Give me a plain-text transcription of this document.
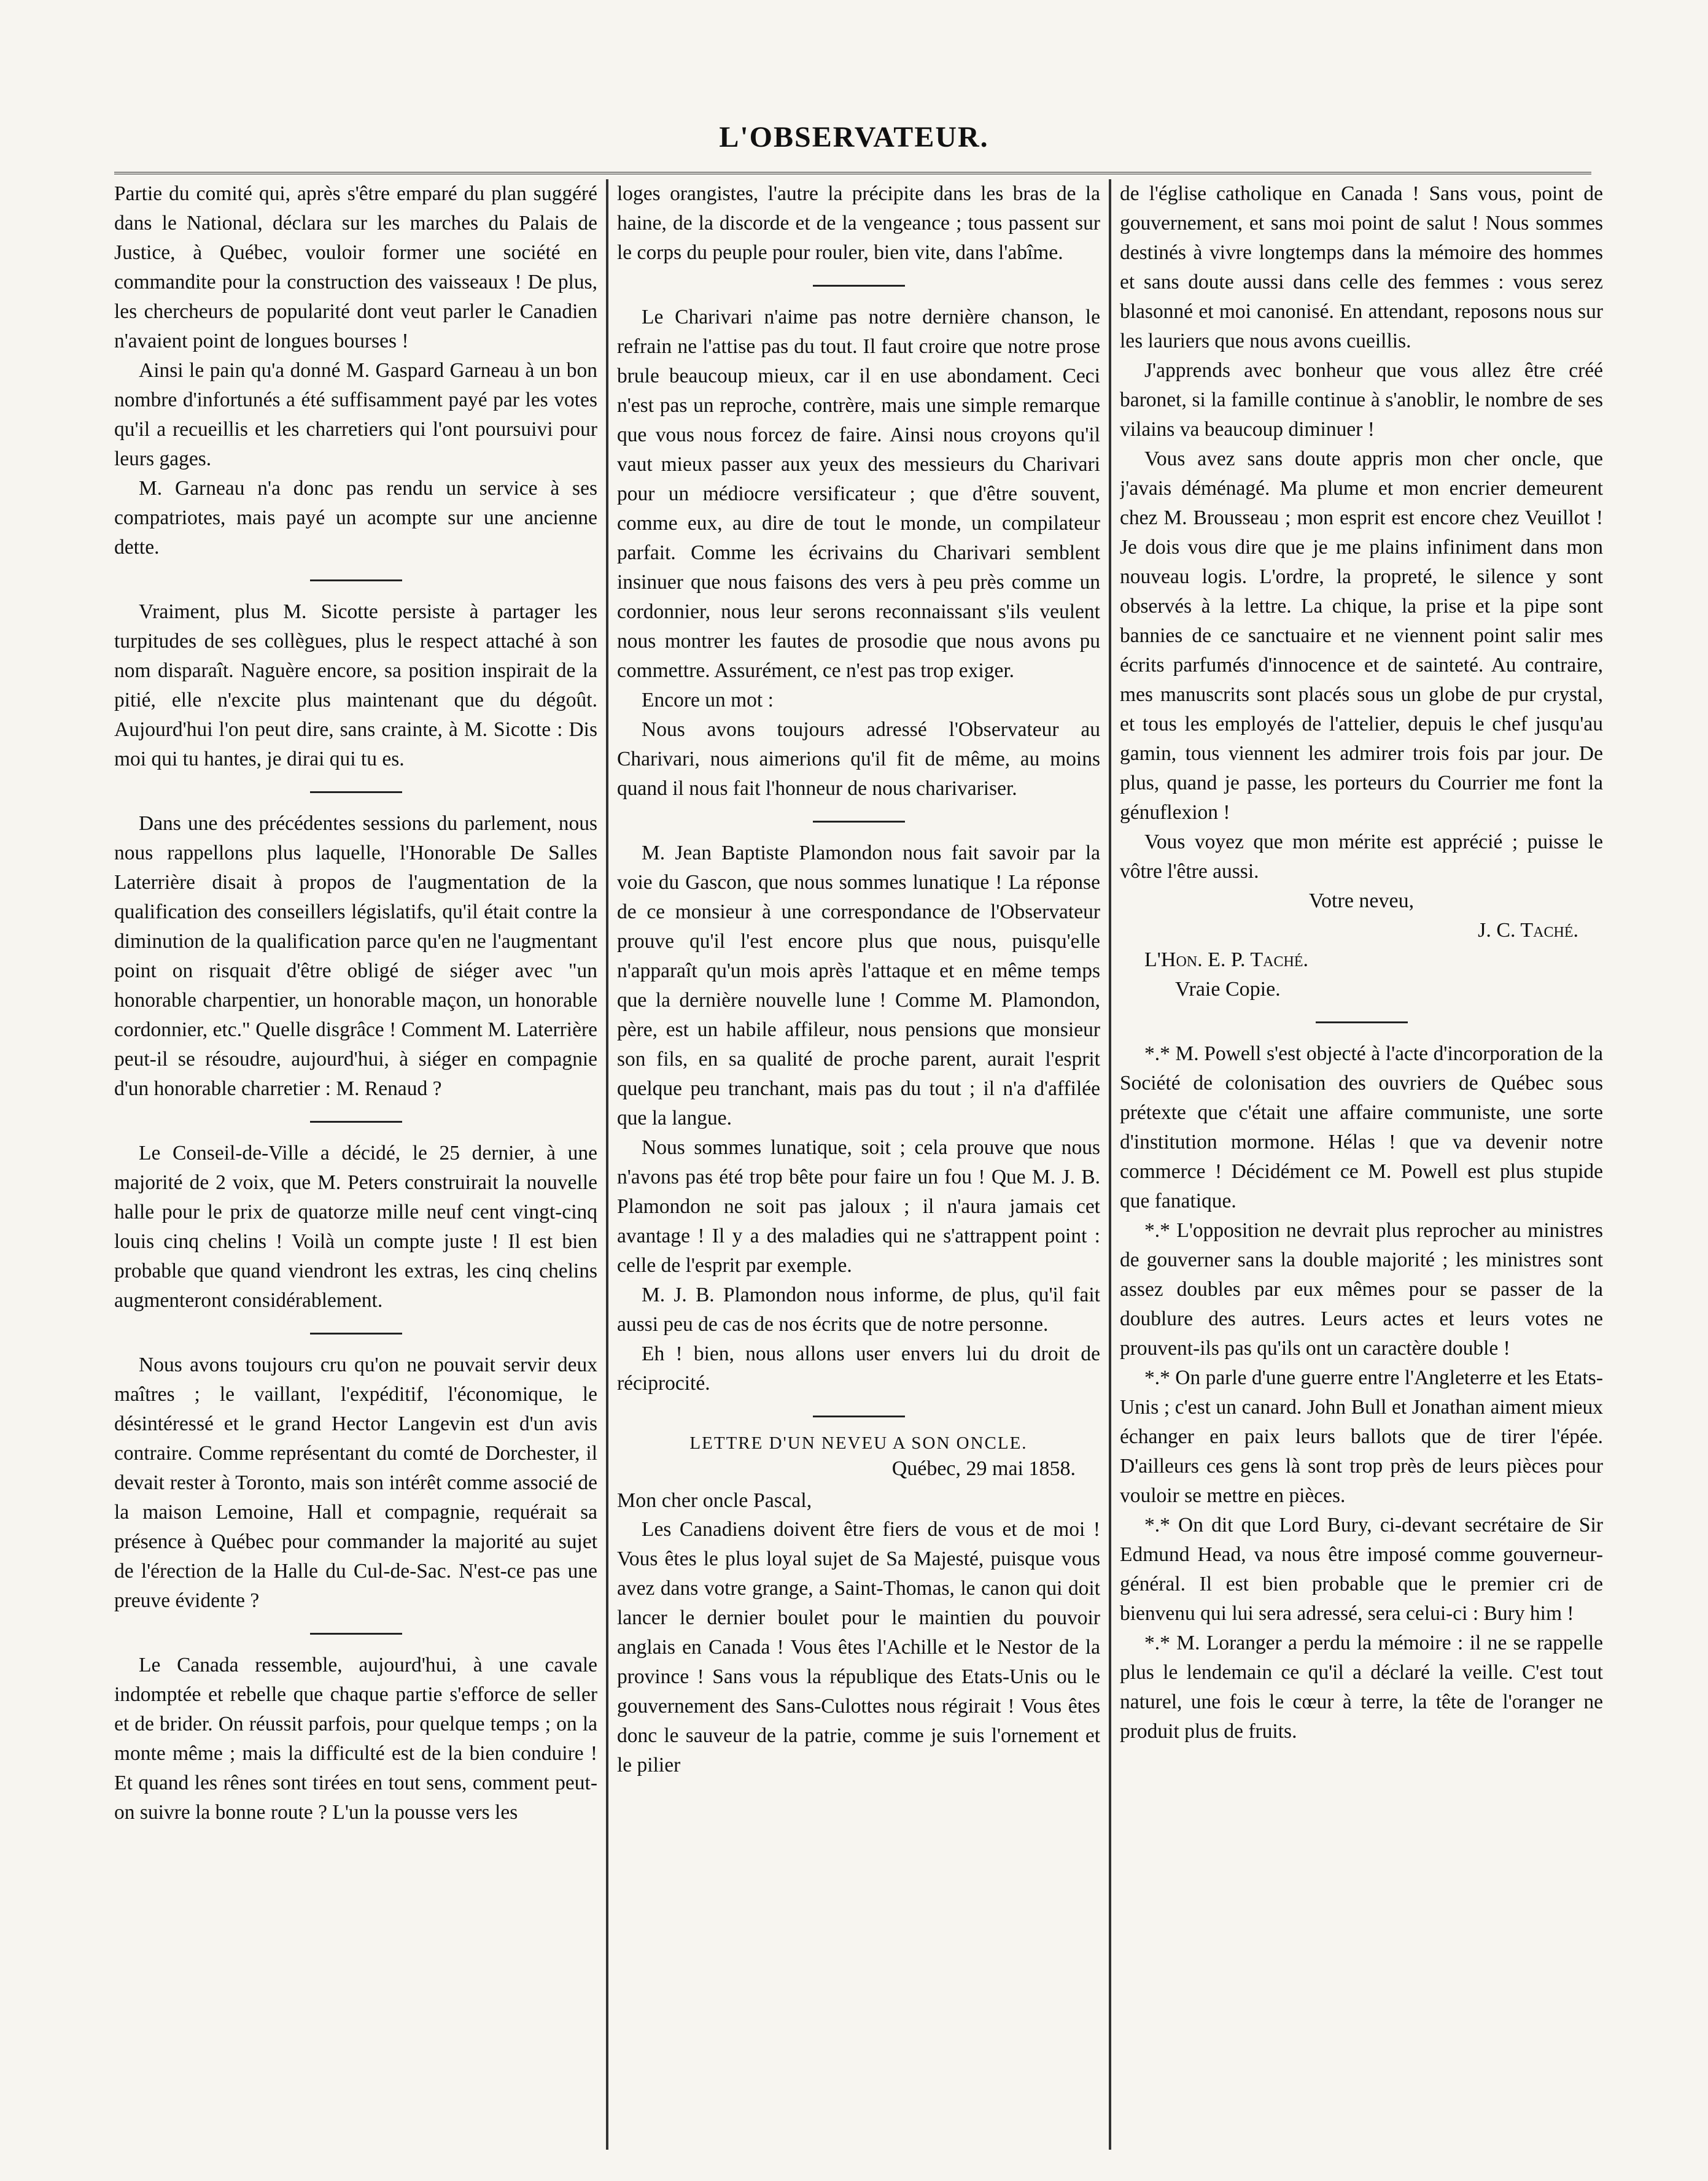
L'OBSERVATEUR.

Partie du comité qui, après s'être emparé du plan suggéré dans le National, déclara sur les marches du Palais de Justice, à Québec, vouloir former une société en commandite pour la construction des vaisseaux ! De plus, les chercheurs de popularité dont veut parler le Canadien n'avaient point de longues bourses !

Ainsi le pain qu'a donné M. Gaspard Garneau à un bon nombre d'infortunés a été suffisamment payé par les votes qu'il a recueillis et les charretiers qui l'ont poursuivi pour leurs gages.

M. Garneau n'a donc pas rendu un service à ses compatriotes, mais payé un acompte sur une ancienne dette.

Vraiment, plus M. Sicotte persiste à partager les turpitudes de ses collègues, plus le respect attaché à son nom disparaît. Naguère encore, sa position inspirait de la pitié, elle n'excite plus maintenant que du dégoût. Aujourd'hui l'on peut dire, sans crainte, à M. Sicotte : Dis moi qui tu hantes, je dirai qui tu es.

Dans une des précédentes sessions du parlement, nous nous rappellons plus laquelle, l'Honorable De Salles Laterrière disait à propos de l'augmentation de la qualification des conseillers législatifs, qu'il était contre la diminution de la qualification parce qu'en ne l'augmentant point on risquait d'être obligé de siéger avec "un honorable charpentier, un honorable maçon, un honorable cordonnier, etc." Quelle disgrâce ! Comment M. Laterrière peut-il se résoudre, aujourd'hui, à siéger en compagnie d'un honorable charretier : M. Renaud ?

Le Conseil-de-Ville a décidé, le 25 dernier, à une majorité de 2 voix, que M. Peters construirait la nouvelle halle pour le prix de quatorze mille neuf cent vingt-cinq louis cinq chelins ! Voilà un compte juste ! Il est bien probable que quand viendront les extras, les cinq chelins augmenteront considérablement.

Nous avons toujours cru qu'on ne pouvait servir deux maîtres ; le vaillant, l'expéditif, l'économique, le désintéressé et le grand Hector Langevin est d'un avis contraire. Comme représentant du comté de Dorchester, il devait rester à Toronto, mais son intérêt comme associé de la maison Lemoine, Hall et compagnie, requérait sa présence à Québec pour commander la majorité au sujet de l'érection de la Halle du Cul-de-Sac. N'est-ce pas une preuve évidente ?

Le Canada ressemble, aujourd'hui, à une cavale indomptée et rebelle que chaque partie s'efforce de seller et de brider. On réussit parfois, pour quelque temps ; on la monte même ; mais la difficulté est de la bien conduire ! Et quand les rênes sont tirées en tout sens, comment peut-on suivre la bonne route ? L'un la pousse vers les

loges orangistes, l'autre la précipite dans les bras de la haine, de la discorde et de la vengeance ; tous passent sur le corps du peuple pour rouler, bien vite, dans l'abîme.

Le Charivari n'aime pas notre dernière chanson, le refrain ne l'attise pas du tout. Il faut croire que notre prose brule beaucoup mieux, car il en use abondament. Ceci n'est pas un reproche, contrère, mais une simple remarque que vous nous forcez de faire. Ainsi nous croyons qu'il vaut mieux passer aux yeux des messieurs du Charivari pour un médiocre versificateur ; que d'être souvent, comme eux, au dire de tout le monde, un compilateur parfait. Comme les écrivains du Charivari semblent insinuer que nous faisons des vers à peu près comme un cordonnier, nous leur serons reconnaissant s'ils veulent nous montrer les fautes de prosodie que nous avons pu commettre. Assurément, ce n'est pas trop exiger.

Encore un mot :

Nous avons toujours adressé l'Observateur au Charivari, nous aimerions qu'il fit de même, au moins quand il nous fait l'honneur de nous charivariser.

M. Jean Baptiste Plamondon nous fait savoir par la voie du Gascon, que nous sommes lunatique ! La réponse de ce monsieur à une correspondance de l'Observateur prouve qu'il l'est encore plus que nous, puisqu'elle n'apparaît qu'un mois après l'attaque et en même temps que la dernière nouvelle lune ! Comme M. Plamondon, père, est un habile affileur, nous pensions que monsieur son fils, en sa qualité de proche parent, aurait l'esprit quelque peu tranchant, mais pas du tout ; il n'a d'affilée que la langue.

Nous sommes lunatique, soit ; cela prouve que nous n'avons pas été trop bête pour faire un fou ! Que M. J. B. Plamondon ne soit pas jaloux ; il n'aura jamais cet avantage ! Il y a des maladies qui ne s'attrappent point : celle de l'esprit par exemple.

M. J. B. Plamondon nous informe, de plus, qu'il fait aussi peu de cas de nos écrits que de notre personne.

Eh ! bien, nous allons user envers lui du droit de réciprocité.

LETTRE D'UN NEVEU A SON ONCLE.
Québec, 29 mai 1858.
Mon cher oncle Pascal,

Les Canadiens doivent être fiers de vous et de moi ! Vous êtes le plus loyal sujet de Sa Majesté, puisque vous avez dans votre grange, a Saint-Thomas, le canon qui doit lancer le dernier boulet pour le maintien du pouvoir anglais en Canada ! Vous êtes l'Achille et le Nestor de la province ! Sans vous la république des Etats-Unis ou le gouvernement des Sans-Culottes nous régirait ! Vous êtes donc le sauveur de la patrie, comme je suis l'ornement et le pilier

de l'église catholique en Canada ! Sans vous, point de gouvernement, et sans moi point de salut ! Nous sommes destinés à vivre longtemps dans la mémoire des hommes et sans doute aussi dans celle des femmes : vous serez blasonné et moi canonisé. En attendant, reposons nous sur les lauriers que nous avons cueillis.

J'apprends avec bonheur que vous allez être créé baronet, si la famille continue à s'anoblir, le nombre de ses vilains va beaucoup diminuer !

Vous avez sans doute appris mon cher oncle, que j'avais déménagé. Ma plume et mon encrier demeurent chez M. Brousseau ; mon esprit est encore chez Veuillot ! Je dois vous dire que je me plains infiniment dans mon nouveau logis. L'ordre, la propreté, le silence y sont observés à la lettre. La chique, la prise et la pipe sont bannies de ce sanctuaire et ne viennent point salir mes écrits parfumés d'innocence et de sainteté. Au contraire, mes manuscrits sont placés sous un globe de pur crystal, et tous les employés de l'attelier, depuis le chef jusqu'au gamin, tous viennent les admirer trois fois par jour. De plus, quand je passe, les porteurs du Courrier me font la génuflexion !

Vous voyez que mon mérite est apprécié ; puisse le vôtre l'être aussi.

Votre neveu,
J. C. Taché.
L'Hon. E. P. Taché.
Vraie Copie.

*.* M. Powell s'est objecté à l'acte d'incorporation de la Société de colonisation des ouvriers de Québec sous prétexte que c'était une affaire communiste, une sorte d'institution mormone. Hélas ! que va devenir notre commerce ! Décidément ce M. Powell est plus stupide que fanatique.

*.* L'opposition ne devrait plus reprocher au ministres de gouverner sans la double majorité ; les ministres sont assez doubles par eux mêmes pour se passer de la doublure des autres. Leurs actes et leurs votes ne prouvent-ils pas qu'ils ont un caractère double !

*.* On parle d'une guerre entre l'Angleterre et les Etats-Unis ; c'est un canard. John Bull et Jonathan aiment mieux échanger en paix leurs ballots que de tirer l'épée. D'ailleurs ces gens là sont trop près de leurs pièces pour vouloir se mettre en pièces.

*.* On dit que Lord Bury, ci-devant secrétaire de Sir Edmund Head, va nous être imposé comme gouverneur-général. Il est bien probable que le premier cri de bienvenu qui lui sera adressé, sera celui-ci : Bury him !

*.* M. Loranger a perdu la mémoire : il ne se rappelle plus le lendemain ce qu'il a déclaré la veille. C'est tout naturel, une fois le cœur à terre, la tête de l'oranger ne produit plus de fruits.
